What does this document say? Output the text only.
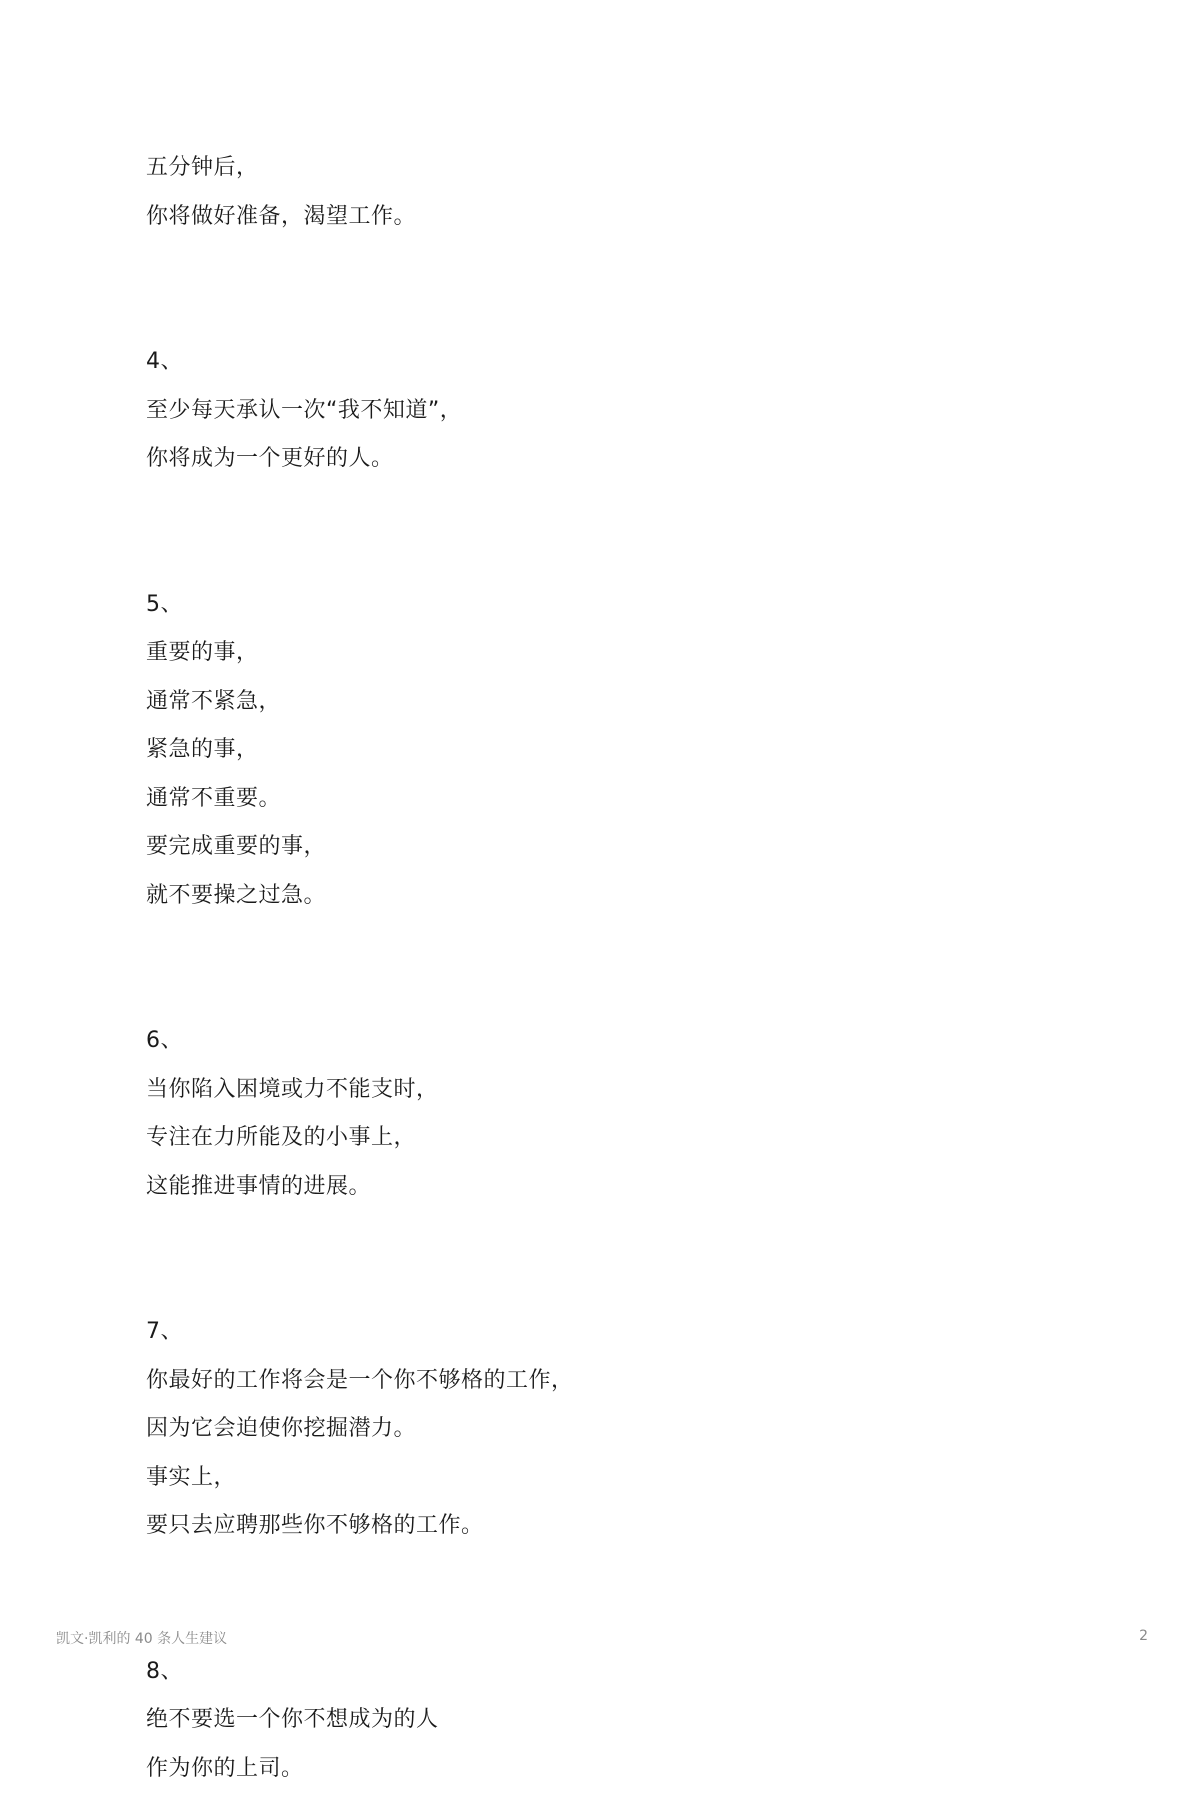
五分钟后，
你将做好准备，渴望工作。
4、
至少每天承认一次“我不知道”，
你将成为一个更好的人。
5、
重要的事，
通常不紧急，
紧急的事，
通常不重要。
要完成重要的事，
就不要操之过急。
6、
当你陷入困境或力不能支时，
专注在力所能及的小事上，
这能推进事情的进展。
7、
你最好的工作将会是一个你不够格的工作，
因为它会迫使你挖掘潜力。
事实上，
要只去应聘那些你不够格的工作。
8、
绝不要选一个你不想成为的人
作为你的上司。
凯文·凯利的 40 条人生建议	2
